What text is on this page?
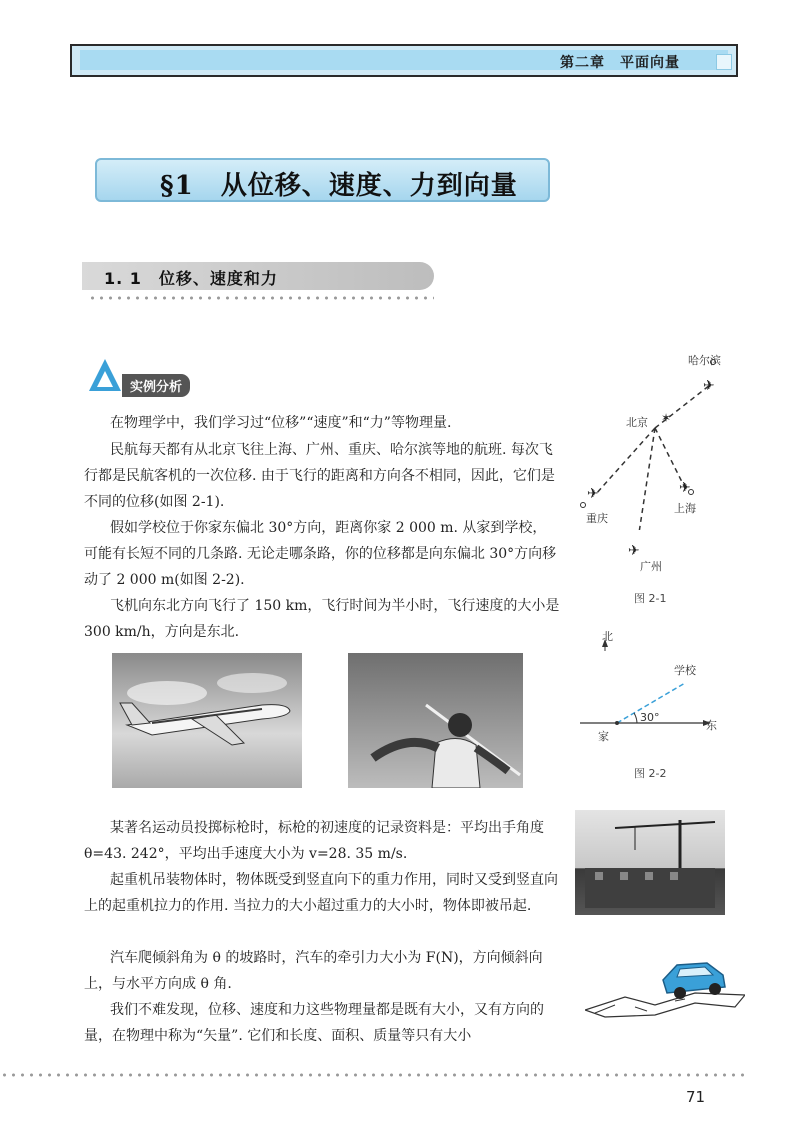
第二章　平面向量
§1　从位移、速度、力到向量
1. 1　位移、速度和力
实例分析

在物理学中，我们学习过“位移”“速度”和“力”等物理量.

民航每天都有从北京飞往上海、广州、重庆、哈尔滨等地的航班. 每次飞行都是民航客机的一次位移. 由于飞行的距离和方向各不相同，因此，它们是不同的位移(如图 2-1).

假如学校位于你家东偏北 30°方向，距离你家 2 000 m. 从家到学校，可能有长短不同的几条路. 无论走哪条路，你的位移都是向东偏北 30°方向移动了 2 000 m(如图 2-2).

飞机向东北方向飞行了 150 km，飞行时间为半小时，飞行速度的大小是 300 km/h，方向是东北.

某著名运动员投掷标枪时，标枪的初速度的记录资料是：平均出手角度 θ=43. 242°，平均出手速度大小为 v=28. 35 m/s.

起重机吊装物体时，物体既受到竖直向下的重力作用，同时又受到竖直向上的起重机拉力的作用. 当拉力的大小超过重力的大小时，物体即被吊起.

汽车爬倾斜角为 θ 的坡路时，汽车的牵引力大小为 F(N)，方向倾斜向上，与水平方向成 θ 角.

我们不难发现，位移、速度和力这些物理量都是既有大小，又有方向的量，在物理中称为“矢量”. 它们和长度、面积、质量等只有大小

✶
✈
✈	✈
哈尔滨
北京
上海
重庆
广州
✈
图 2-1
北
学校
30°
东
家
图 2-2
71
